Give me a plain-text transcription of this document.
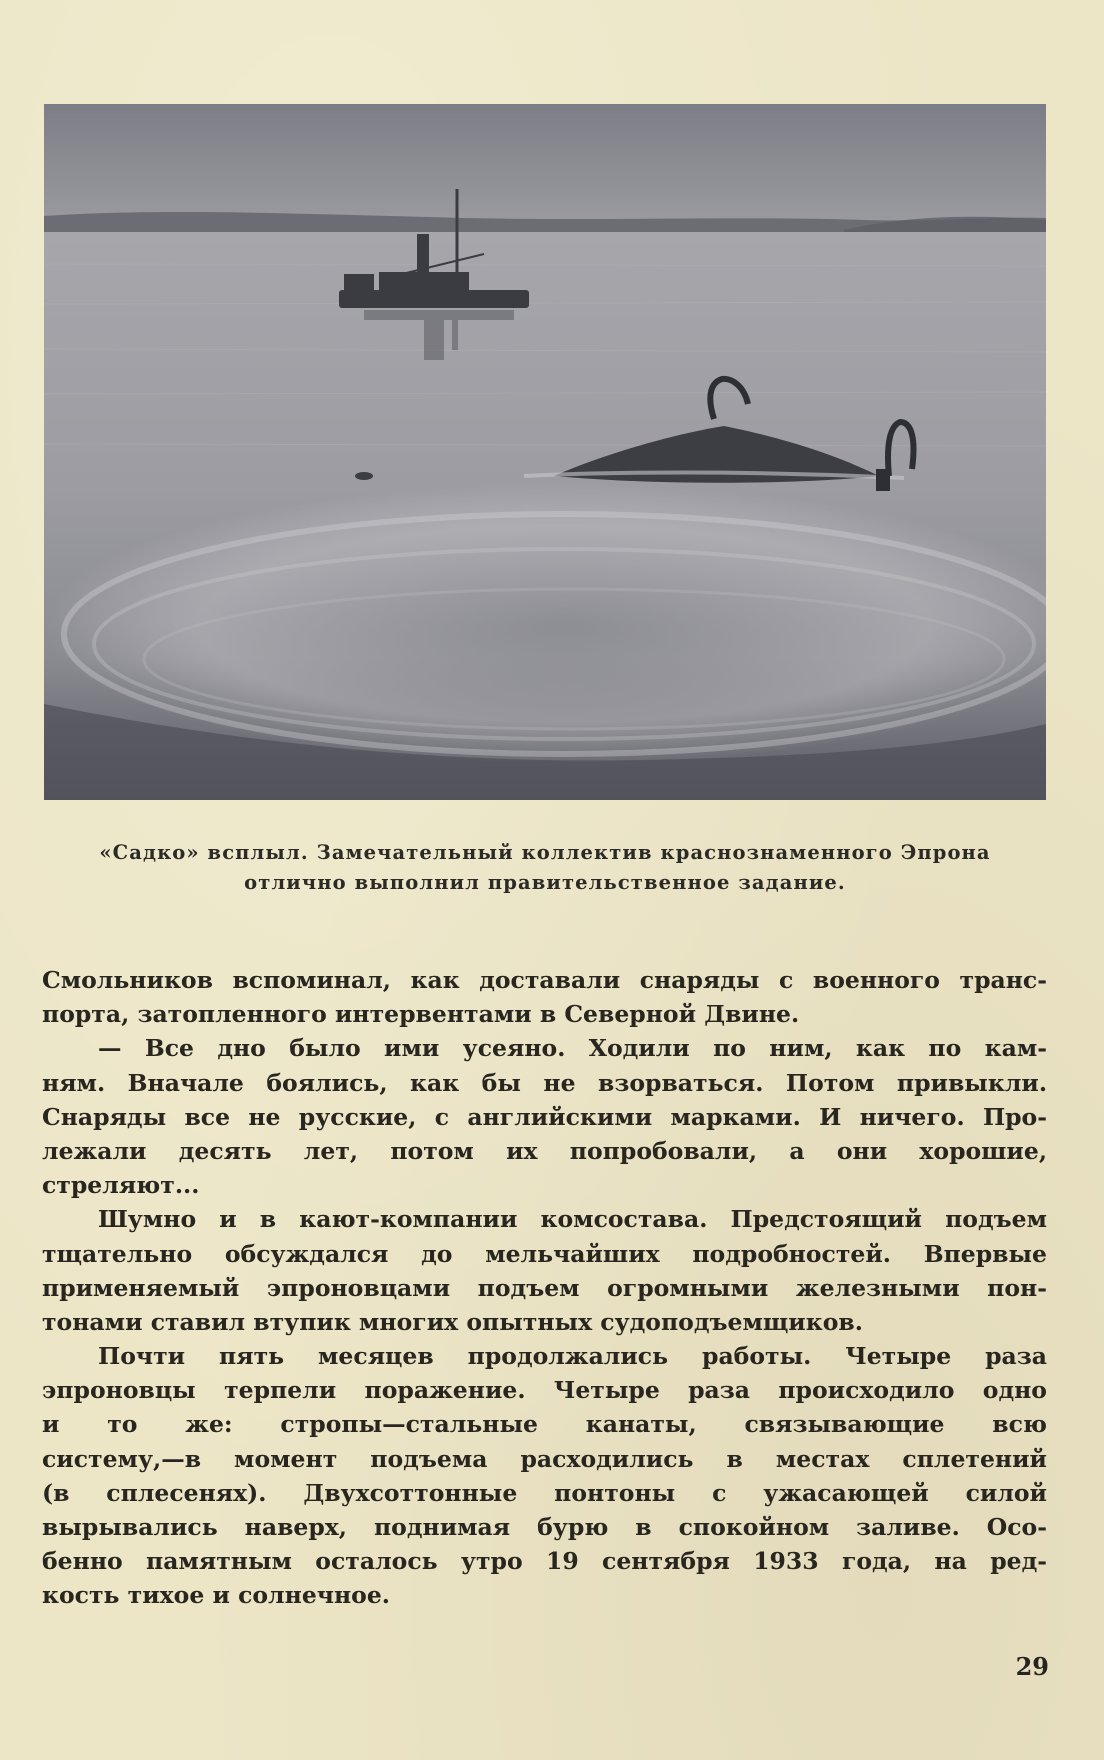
«Садко» всплыл. Замечательный коллектив краснознаменного Эпрона
отлично выполнил правительственное задание.
Смольников вспоминал, как доставали снаряды с военного транс-
порта, затопленного интервентами в Северной Двине.
— Все дно было ими усеяно. Ходили по ним, как по кам-
ням. Вначале боялись, как бы не взорваться. Потом привыкли.
Снаряды все не русские, с английскими марками. И ничего. Про-
лежали десять лет, потом их попробовали, а они хорошие,
стреляют...
Шумно и в кают-компании комсостава. Предстоящий подъем
тщательно обсуждался до мельчайших подробностей. Впервые
применяемый эпроновцами подъем огромными железными пон-
тонами ставил втупик многих опытных судоподъемщиков.
Почти пять месяцев продолжались работы. Четыре раза
эпроновцы терпели поражение. Четыре раза происходило одно
и то же: стропы—стальные канаты, связывающие всю
систему,—в момент подъема расходились в местах сплетений
(в сплесенях). Двухсоттонные понтоны с ужасающей силой
вырывались наверх, поднимая бурю в спокойном заливе. Осо-
бенно памятным осталось утро 19 сентября 1933 года, на ред-
кость тихое и солнечное.
29
